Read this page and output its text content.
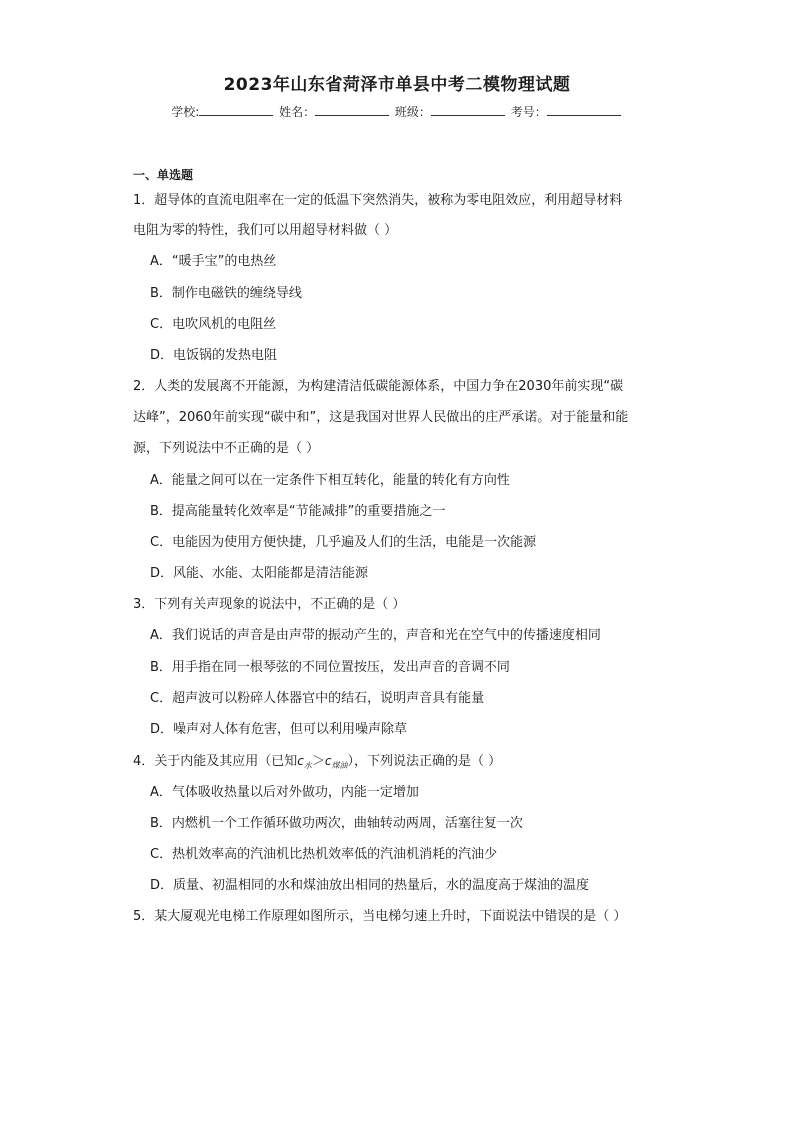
2023年山东省菏泽市单县中考二模物理试题
学校:	姓名：	班级：	考号：
一、单选题
1．超导体的直流电阻率在一定的低温下突然消失，被称为零电阻效应，利用超导材料
电阻为零的特性，我们可以用超导材料做（ ）
A．“暖手宝”的电热丝
B．制作电磁铁的缠绕导线
C．电吹风机的电阻丝
D．电饭锅的发热电阻
2．人类的发展离不开能源，为构建清洁低碳能源体系，中国力争在2030年前实现“碳
达峰”，2060年前实现“碳中和”，这是我国对世界人民做出的庄严承诺。对于能量和能
源，下列说法中不正确的是（ ）
A．能量之间可以在一定条件下相互转化，能量的转化有方向性
B．提高能量转化效率是“节能减排”的重要措施之一
C．电能因为使用方便快捷，几乎遍及人们的生活，电能是一次能源
D．风能、水能、太阳能都是清洁能源
3．下列有关声现象的说法中，不正确的是（ ）
A．我们说话的声音是由声带的振动产生的，声音和光在空气中的传播速度相同
B．用手指在同一根琴弦的不同位置按压，发出声音的音调不同
C．超声波可以粉碎人体器官中的结石，说明声音具有能量
D．噪声对人体有危害，但可以利用噪声除草
4．关于内能及其应用（已知$c_水>c_{煤油}$），下列说法正确的是（ ）
A．气体吸收热量以后对外做功，内能一定增加
B．内燃机一个工作循环做功两次，曲轴转动两周，活塞往复一次
C．热机效率高的汽油机比热机效率低的汽油机消耗的汽油少
D．质量、初温相同的水和煤油放出相同的热量后，水的温度高于煤油的温度
5．某大厦观光电梯工作原理如图所示，当电梯匀速上升时，下面说法中错误的是（ ）
